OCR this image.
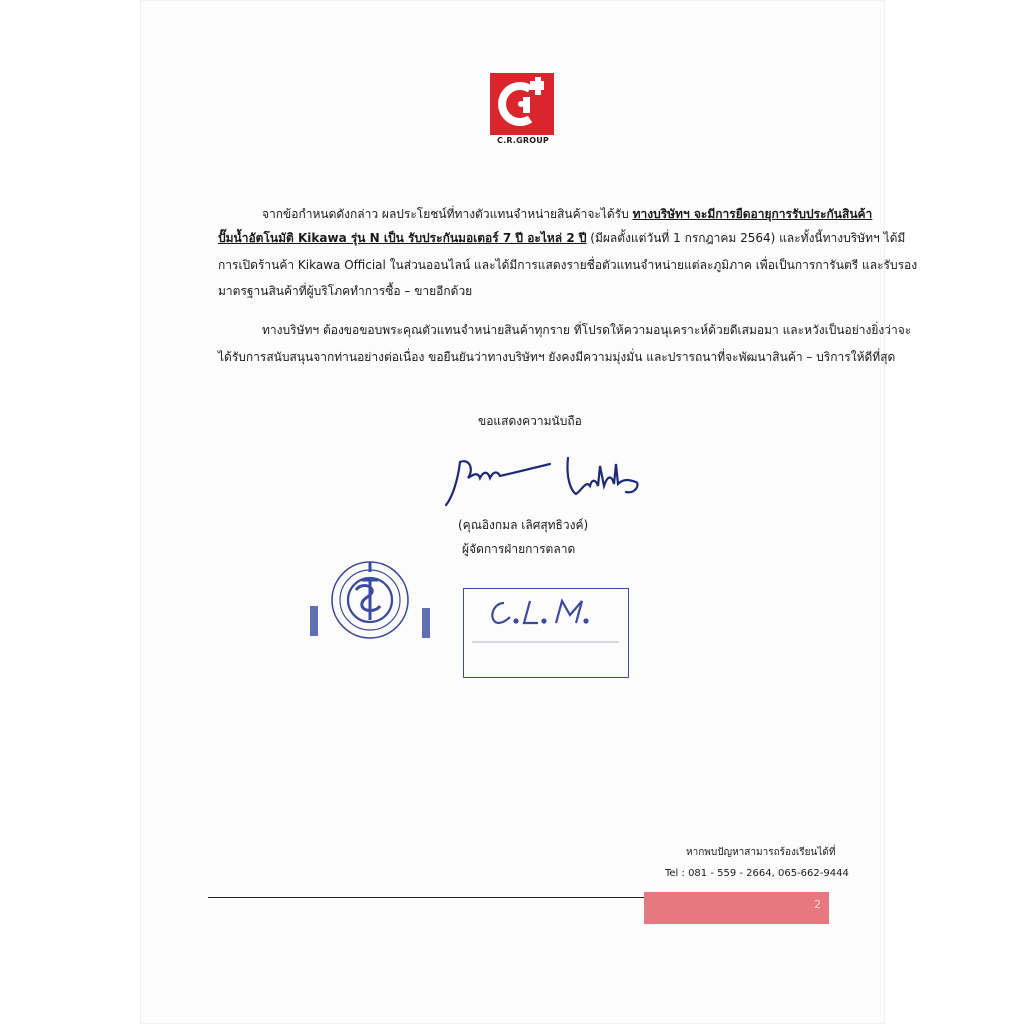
C.R.GROUP
จากข้อกำหนดดังกล่าว ผลประโยชน์ที่ทางตัวแทนจำหน่ายสินค้าจะได้รับ ทางบริษัทฯ จะมีการยืดอายุการรับประกันสินค้า
ปั๊มน้ำอัตโนมัติ Kikawa รุ่น N เป็น รับประกันมอเตอร์ 7 ปี อะไหล่ 2 ปี (มีผลตั้งแต่วันที่ 1 กรกฎาคม 2564) และทั้งนี้ทางบริษัทฯ ได้มี
การเปิดร้านค้า Kikawa Official ในส่วนออนไลน์ และได้มีการแสดงรายชื่อตัวแทนจำหน่ายแต่ละภูมิภาค เพื่อเป็นการการันตรี และรับรอง
มาตรฐานสินค้าที่ผู้บริโภคทำการซื้อ – ขายอีกด้วย
ทางบริษัทฯ ต้องขอขอบพระคุณตัวแทนจำหน่ายสินค้าทุกราย ที่โปรดให้ความอนุเคราะห์ด้วยดีเสมอมา และหวังเป็นอย่างยิ่งว่าจะ
ได้รับการสนับสนุนจากท่านอย่างต่อเนื่อง ขอยืนยันว่าทางบริษัทฯ ยังคงมีความมุ่งมั่น และปรารถนาที่จะพัฒนาสินค้า – บริการให้ดีที่สุด
ขอแสดงความนับถือ
(คุณอิงกมล เลิศสุทธิวงค์)
ผู้จัดการฝ่ายการตลาด
หากพบปัญหาสามารถร้องเรียนได้ที่
Tel : 081 - 559 - 2664, 065-662-9444
2
